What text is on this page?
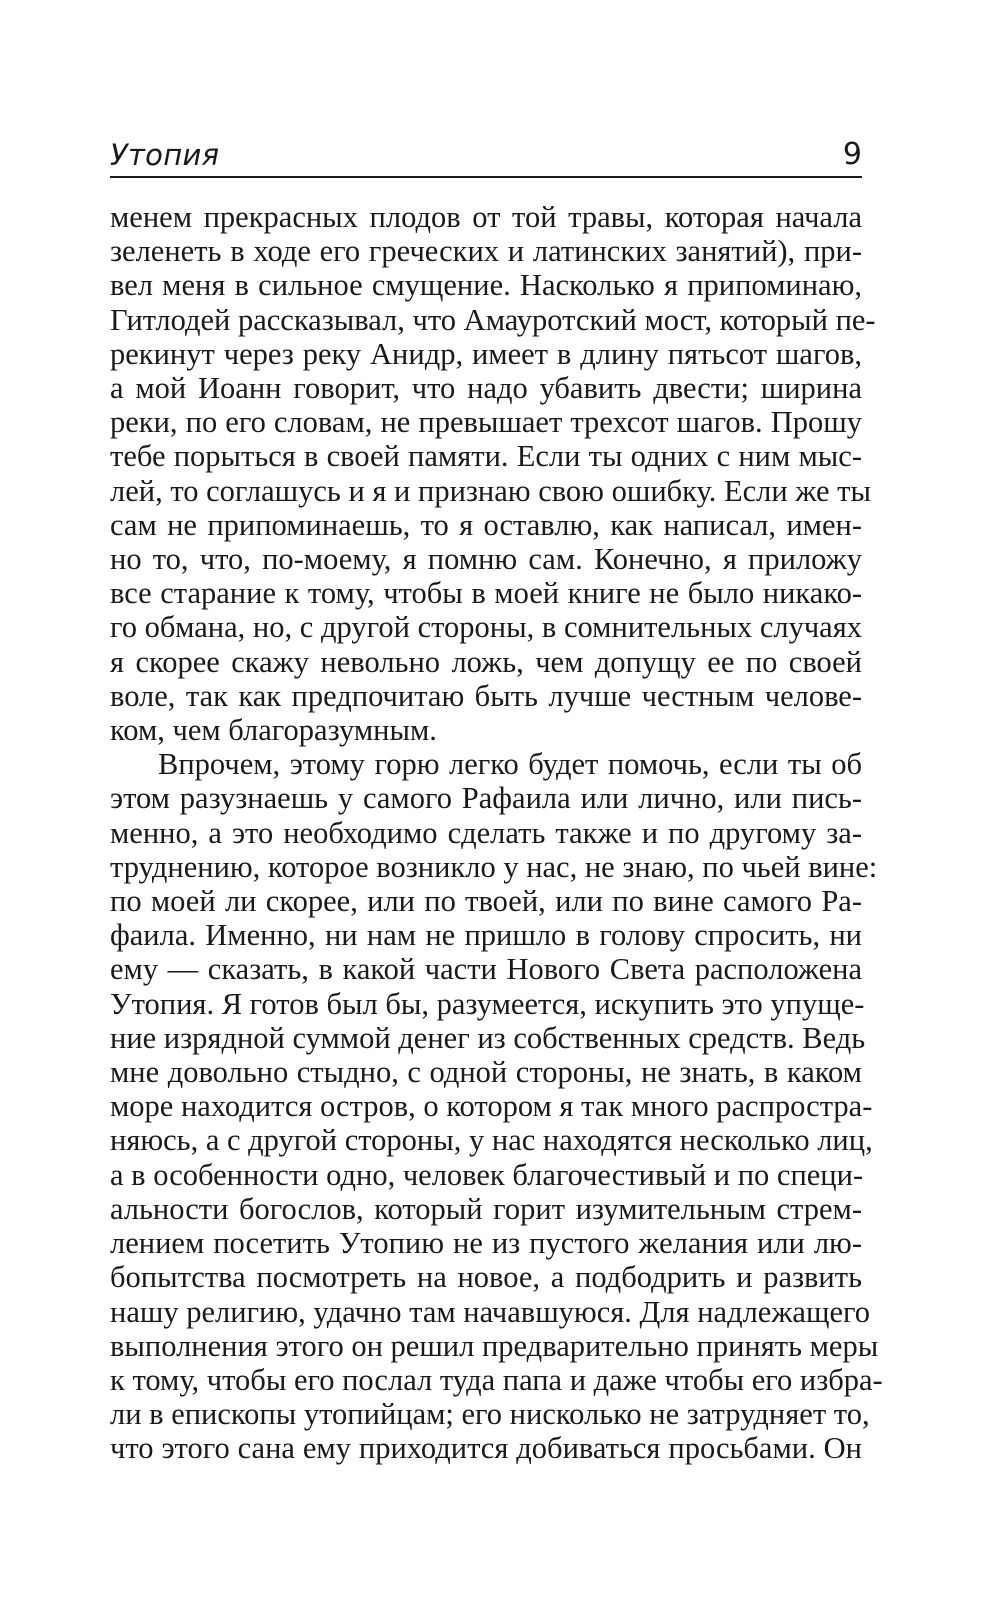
Утопия	9
менем прекрасных плодов от той травы, которая начала
зеленеть в ходе его греческих и латинских занятий), при-
вел меня в сильное смущение. Насколько я припоминаю,
Гитлодей рассказывал, что Амауротский мост, который пе-
рекинут через реку Анидр, имеет в длину пятьсот шагов,
а мой Иоанн говорит, что надо убавить двести; ширина
реки, по его словам, не превышает трехсот шагов. Прошу
тебе порыться в своей памяти. Если ты одних с ним мыс-
лей, то соглашусь и я и признаю свою ошибку. Если же ты
сам не припоминаешь, то я оставлю, как написал, имен-
но то, что, по-моему, я помню сам. Конечно, я приложу
все старание к тому, чтобы в моей книге не было никако-
го обмана, но, с другой стороны, в сомнительных случаях
я скорее скажу невольно ложь, чем допущу ее по своей
воле, так как предпочитаю быть лучше честным челове-
ком, чем благоразумным.
Впрочем, этому горю легко будет помочь, если ты об
этом разузнаешь у самого Рафаила или лично, или пись-
менно, а это необходимо сделать также и по другому за-
труднению, которое возникло у нас, не знаю, по чьей вине:
по моей ли скорее, или по твоей, или по вине самого Ра-
фаила. Именно, ни нам не пришло в голову спросить, ни
ему — сказать, в какой части Нового Света расположена
Утопия. Я готов был бы, разумеется, искупить это упуще-
ние изрядной суммой денег из собственных средств. Ведь
мне довольно стыдно, с одной стороны, не знать, в каком
море находится остров, о котором я так много распростра-
няюсь, а с другой стороны, у нас находятся несколько лиц,
а в особенности одно, человек благочестивый и по специ-
альности богослов, который горит изумительным стрем-
лением посетить Утопию не из пустого желания или лю-
бопытства посмотреть на новое, а подбодрить и развить
нашу религию, удачно там начавшуюся. Для надлежащего
выполнения этого он решил предварительно принять меры
к тому, чтобы его послал туда папа и даже чтобы его избра-
ли в епископы утопийцам; его нисколько не затрудняет то,
что этого сана ему приходится добиваться просьбами. Он
